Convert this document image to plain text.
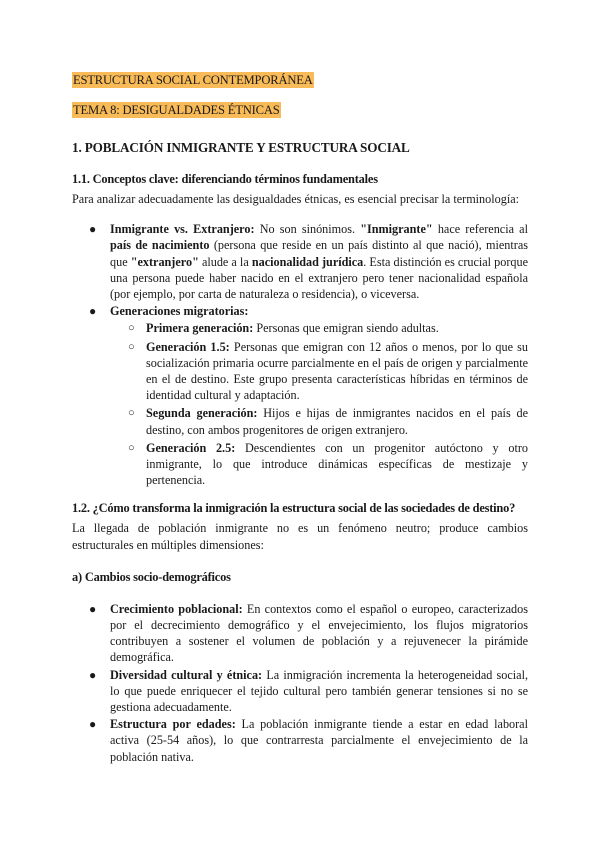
ESTRUCTURA SOCIAL CONTEMPORÁNEA
TEMA 8: DESIGUALDADES ÉTNICAS
1. POBLACIÓN INMIGRANTE Y ESTRUCTURA SOCIAL
1.1. Conceptos clave: diferenciando términos fundamentales

Para analizar adecuadamente las desigualdades étnicas, es esencial precisar la terminología:

● Inmigrante vs. Extranjero: No son sinónimos. "Inmigrante" hace referencia al país de nacimiento (persona que reside en un país distinto al que nació), mientras que "extranjero" alude a la nacionalidad jurídica. Esta distinción es crucial porque una persona puede haber nacido en el extranjero pero tener nacionalidad española (por ejemplo, por carta de naturaleza o residencia), o viceversa.
● Generaciones migratorias:
○ Primera generación: Personas que emigran siendo adultas.
○ Generación 1.5: Personas que emigran con 12 años o menos, por lo que su socialización primaria ocurre parcialmente en el país de origen y parcialmente en el de destino. Este grupo presenta características híbridas en términos de identidad cultural y adaptación.
○ Segunda generación: Hijos e hijas de inmigrantes nacidos en el país de destino, con ambos progenitores de origen extranjero.
○ Generación 2.5: Descendientes con un progenitor autóctono y otro inmigrante, lo que introduce dinámicas específicas de mestizaje y pertenencia.
1.2. ¿Cómo transforma la inmigración la estructura social de las sociedades de destino?

La llegada de población inmigrante no es un fenómeno neutro; produce cambios estructurales en múltiples dimensiones:

a) Cambios socio-demográficos
● Crecimiento poblacional: En contextos como el español o europeo, caracterizados por el decrecimiento demográfico y el envejecimiento, los flujos migratorios contribuyen a sostener el volumen de población y a rejuvenecer la pirámide demográfica.
● Diversidad cultural y étnica: La inmigración incrementa la heterogeneidad social, lo que puede enriquecer el tejido cultural pero también generar tensiones si no se gestiona adecuadamente.
● Estructura por edades: La población inmigrante tiende a estar en edad laboral activa (25-54 años), lo que contrarresta parcialmente el envejecimiento de la población nativa.
